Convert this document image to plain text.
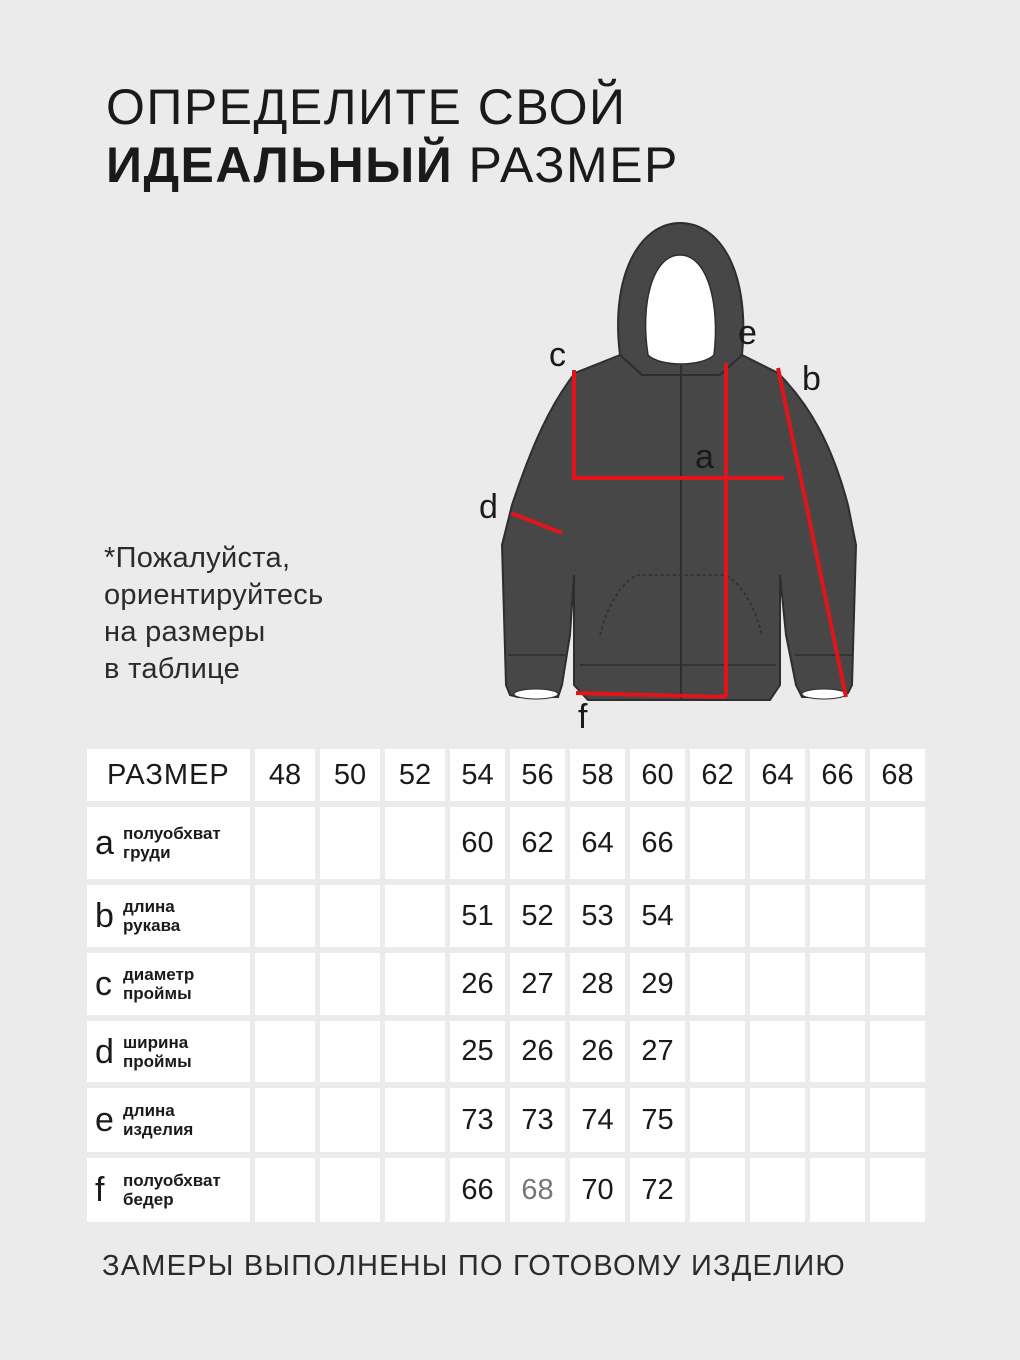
ОПРЕДЕЛИТЕ СВОЙ
ИДЕАЛЬНЫЙ РАЗМЕР
*Пожалуйста,
ориентируйтесь
на размеры
в таблице
c
e
b
a
d
f
РАЗМЕР	48	50	52	54	56	58	60	62	64	66	68

a полуобхват
груди				60	62	64	66				

b длина
рукава				51	52	53	54				

c диаметр
проймы				26	27	28	29				

d ширина
проймы				25	26	26	27				

e длина
изделия				73	73	74	75				

f полуобхват
бедер				66	68	70	72				
ЗАМЕРЫ ВЫПОЛНЕНЫ ПО ГОТОВОМУ ИЗДЕЛИЮ
